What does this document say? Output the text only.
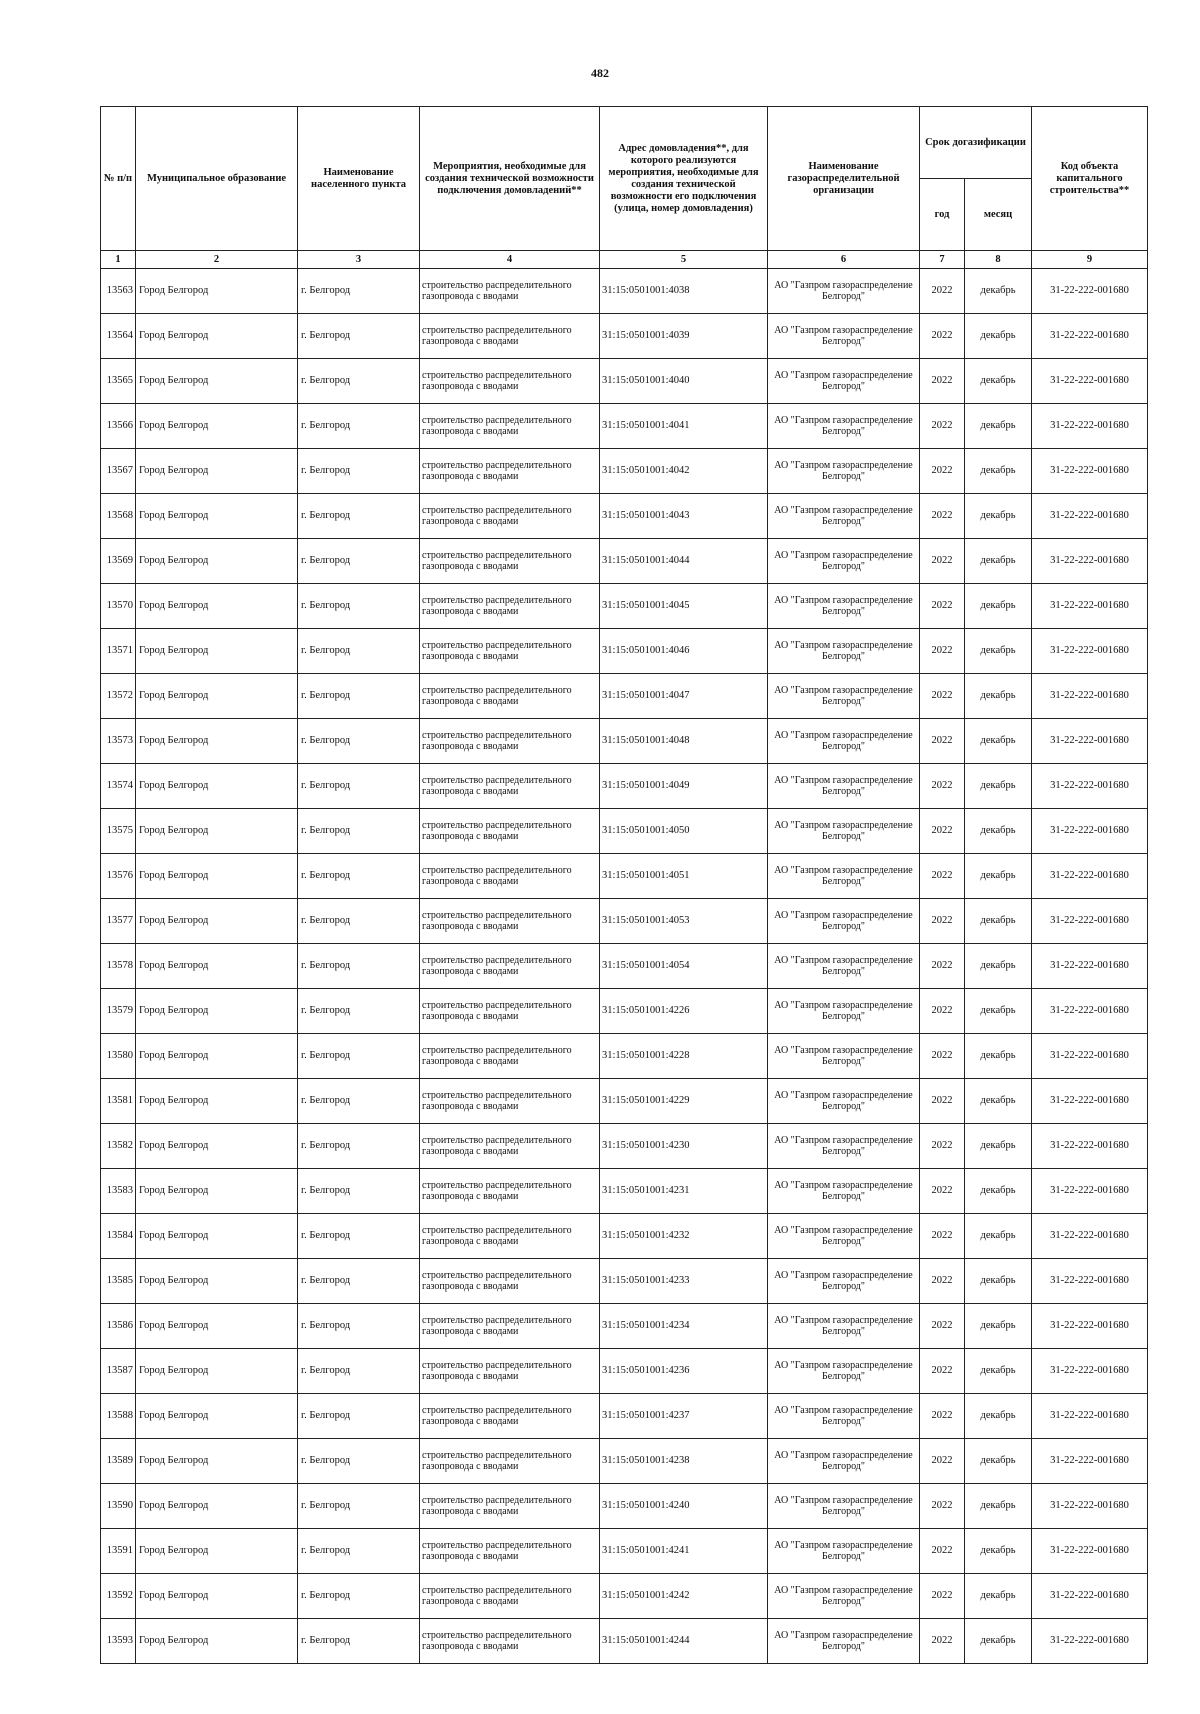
482
№ п/п	Муниципальное образование	Наименование населенного пункта	Мероприятия, необходимые для создания технической возможности подключения домовладений**	Адрес домовладения**, для которого реализуются мероприятия, необходимые для создания технической возможности его подключения (улица, номер домовладения)	Наименование газораспределительной организации	Срок догазификации		Код объекта капитального строительства**
						год	месяц	
1	2	3	4	5	6	7	8	9
13563	Город Белгород	г. Белгород	строительство распределительного газопровода с вводами	31:15:0501001:4038	АО "Газпром газораспределение Белгород"	2022	декабрь	31-22-222-001680
13564	Город Белгород	г. Белгород	строительство распределительного газопровода с вводами	31:15:0501001:4039	АО "Газпром газораспределение Белгород"	2022	декабрь	31-22-222-001680
13565	Город Белгород	г. Белгород	строительство распределительного газопровода с вводами	31:15:0501001:4040	АО "Газпром газораспределение Белгород"	2022	декабрь	31-22-222-001680
13566	Город Белгород	г. Белгород	строительство распределительного газопровода с вводами	31:15:0501001:4041	АО "Газпром газораспределение Белгород"	2022	декабрь	31-22-222-001680
13567	Город Белгород	г. Белгород	строительство распределительного газопровода с вводами	31:15:0501001:4042	АО "Газпром газораспределение Белгород"	2022	декабрь	31-22-222-001680
13568	Город Белгород	г. Белгород	строительство распределительного газопровода с вводами	31:15:0501001:4043	АО "Газпром газораспределение Белгород"	2022	декабрь	31-22-222-001680
13569	Город Белгород	г. Белгород	строительство распределительного газопровода с вводами	31:15:0501001:4044	АО "Газпром газораспределение Белгород"	2022	декабрь	31-22-222-001680
13570	Город Белгород	г. Белгород	строительство распределительного газопровода с вводами	31:15:0501001:4045	АО "Газпром газораспределение Белгород"	2022	декабрь	31-22-222-001680
13571	Город Белгород	г. Белгород	строительство распределительного газопровода с вводами	31:15:0501001:4046	АО "Газпром газораспределение Белгород"	2022	декабрь	31-22-222-001680
13572	Город Белгород	г. Белгород	строительство распределительного газопровода с вводами	31:15:0501001:4047	АО "Газпром газораспределение Белгород"	2022	декабрь	31-22-222-001680
13573	Город Белгород	г. Белгород	строительство распределительного газопровода с вводами	31:15:0501001:4048	АО "Газпром газораспределение Белгород"	2022	декабрь	31-22-222-001680
13574	Город Белгород	г. Белгород	строительство распределительного газопровода с вводами	31:15:0501001:4049	АО "Газпром газораспределение Белгород"	2022	декабрь	31-22-222-001680
13575	Город Белгород	г. Белгород	строительство распределительного газопровода с вводами	31:15:0501001:4050	АО "Газпром газораспределение Белгород"	2022	декабрь	31-22-222-001680
13576	Город Белгород	г. Белгород	строительство распределительного газопровода с вводами	31:15:0501001:4051	АО "Газпром газораспределение Белгород"	2022	декабрь	31-22-222-001680
13577	Город Белгород	г. Белгород	строительство распределительного газопровода с вводами	31:15:0501001:4053	АО "Газпром газораспределение Белгород"	2022	декабрь	31-22-222-001680
13578	Город Белгород	г. Белгород	строительство распределительного газопровода с вводами	31:15:0501001:4054	АО "Газпром газораспределение Белгород"	2022	декабрь	31-22-222-001680
13579	Город Белгород	г. Белгород	строительство распределительного газопровода с вводами	31:15:0501001:4226	АО "Газпром газораспределение Белгород"	2022	декабрь	31-22-222-001680
13580	Город Белгород	г. Белгород	строительство распределительного газопровода с вводами	31:15:0501001:4228	АО "Газпром газораспределение Белгород"	2022	декабрь	31-22-222-001680
13581	Город Белгород	г. Белгород	строительство распределительного газопровода с вводами	31:15:0501001:4229	АО "Газпром газораспределение Белгород"	2022	декабрь	31-22-222-001680
13582	Город Белгород	г. Белгород	строительство распределительного газопровода с вводами	31:15:0501001:4230	АО "Газпром газораспределение Белгород"	2022	декабрь	31-22-222-001680
13583	Город Белгород	г. Белгород	строительство распределительного газопровода с вводами	31:15:0501001:4231	АО "Газпром газораспределение Белгород"	2022	декабрь	31-22-222-001680
13584	Город Белгород	г. Белгород	строительство распределительного газопровода с вводами	31:15:0501001:4232	АО "Газпром газораспределение Белгород"	2022	декабрь	31-22-222-001680
13585	Город Белгород	г. Белгород	строительство распределительного газопровода с вводами	31:15:0501001:4233	АО "Газпром газораспределение Белгород"	2022	декабрь	31-22-222-001680
13586	Город Белгород	г. Белгород	строительство распределительного газопровода с вводами	31:15:0501001:4234	АО "Газпром газораспределение Белгород"	2022	декабрь	31-22-222-001680
13587	Город Белгород	г. Белгород	строительство распределительного газопровода с вводами	31:15:0501001:4236	АО "Газпром газораспределение Белгород"	2022	декабрь	31-22-222-001680
13588	Город Белгород	г. Белгород	строительство распределительного газопровода с вводами	31:15:0501001:4237	АО "Газпром газораспределение Белгород"	2022	декабрь	31-22-222-001680
13589	Город Белгород	г. Белгород	строительство распределительного газопровода с вводами	31:15:0501001:4238	АО "Газпром газораспределение Белгород"	2022	декабрь	31-22-222-001680
13590	Город Белгород	г. Белгород	строительство распределительного газопровода с вводами	31:15:0501001:4240	АО "Газпром газораспределение Белгород"	2022	декабрь	31-22-222-001680
13591	Город Белгород	г. Белгород	строительство распределительного газопровода с вводами	31:15:0501001:4241	АО "Газпром газораспределение Белгород"	2022	декабрь	31-22-222-001680
13592	Город Белгород	г. Белгород	строительство распределительного газопровода с вводами	31:15:0501001:4242	АО "Газпром газораспределение Белгород"	2022	декабрь	31-22-222-001680
13593	Город Белгород	г. Белгород	строительство распределительного газопровода с вводами	31:15:0501001:4244	АО "Газпром газораспределение Белгород"	2022	декабрь	31-22-222-001680
